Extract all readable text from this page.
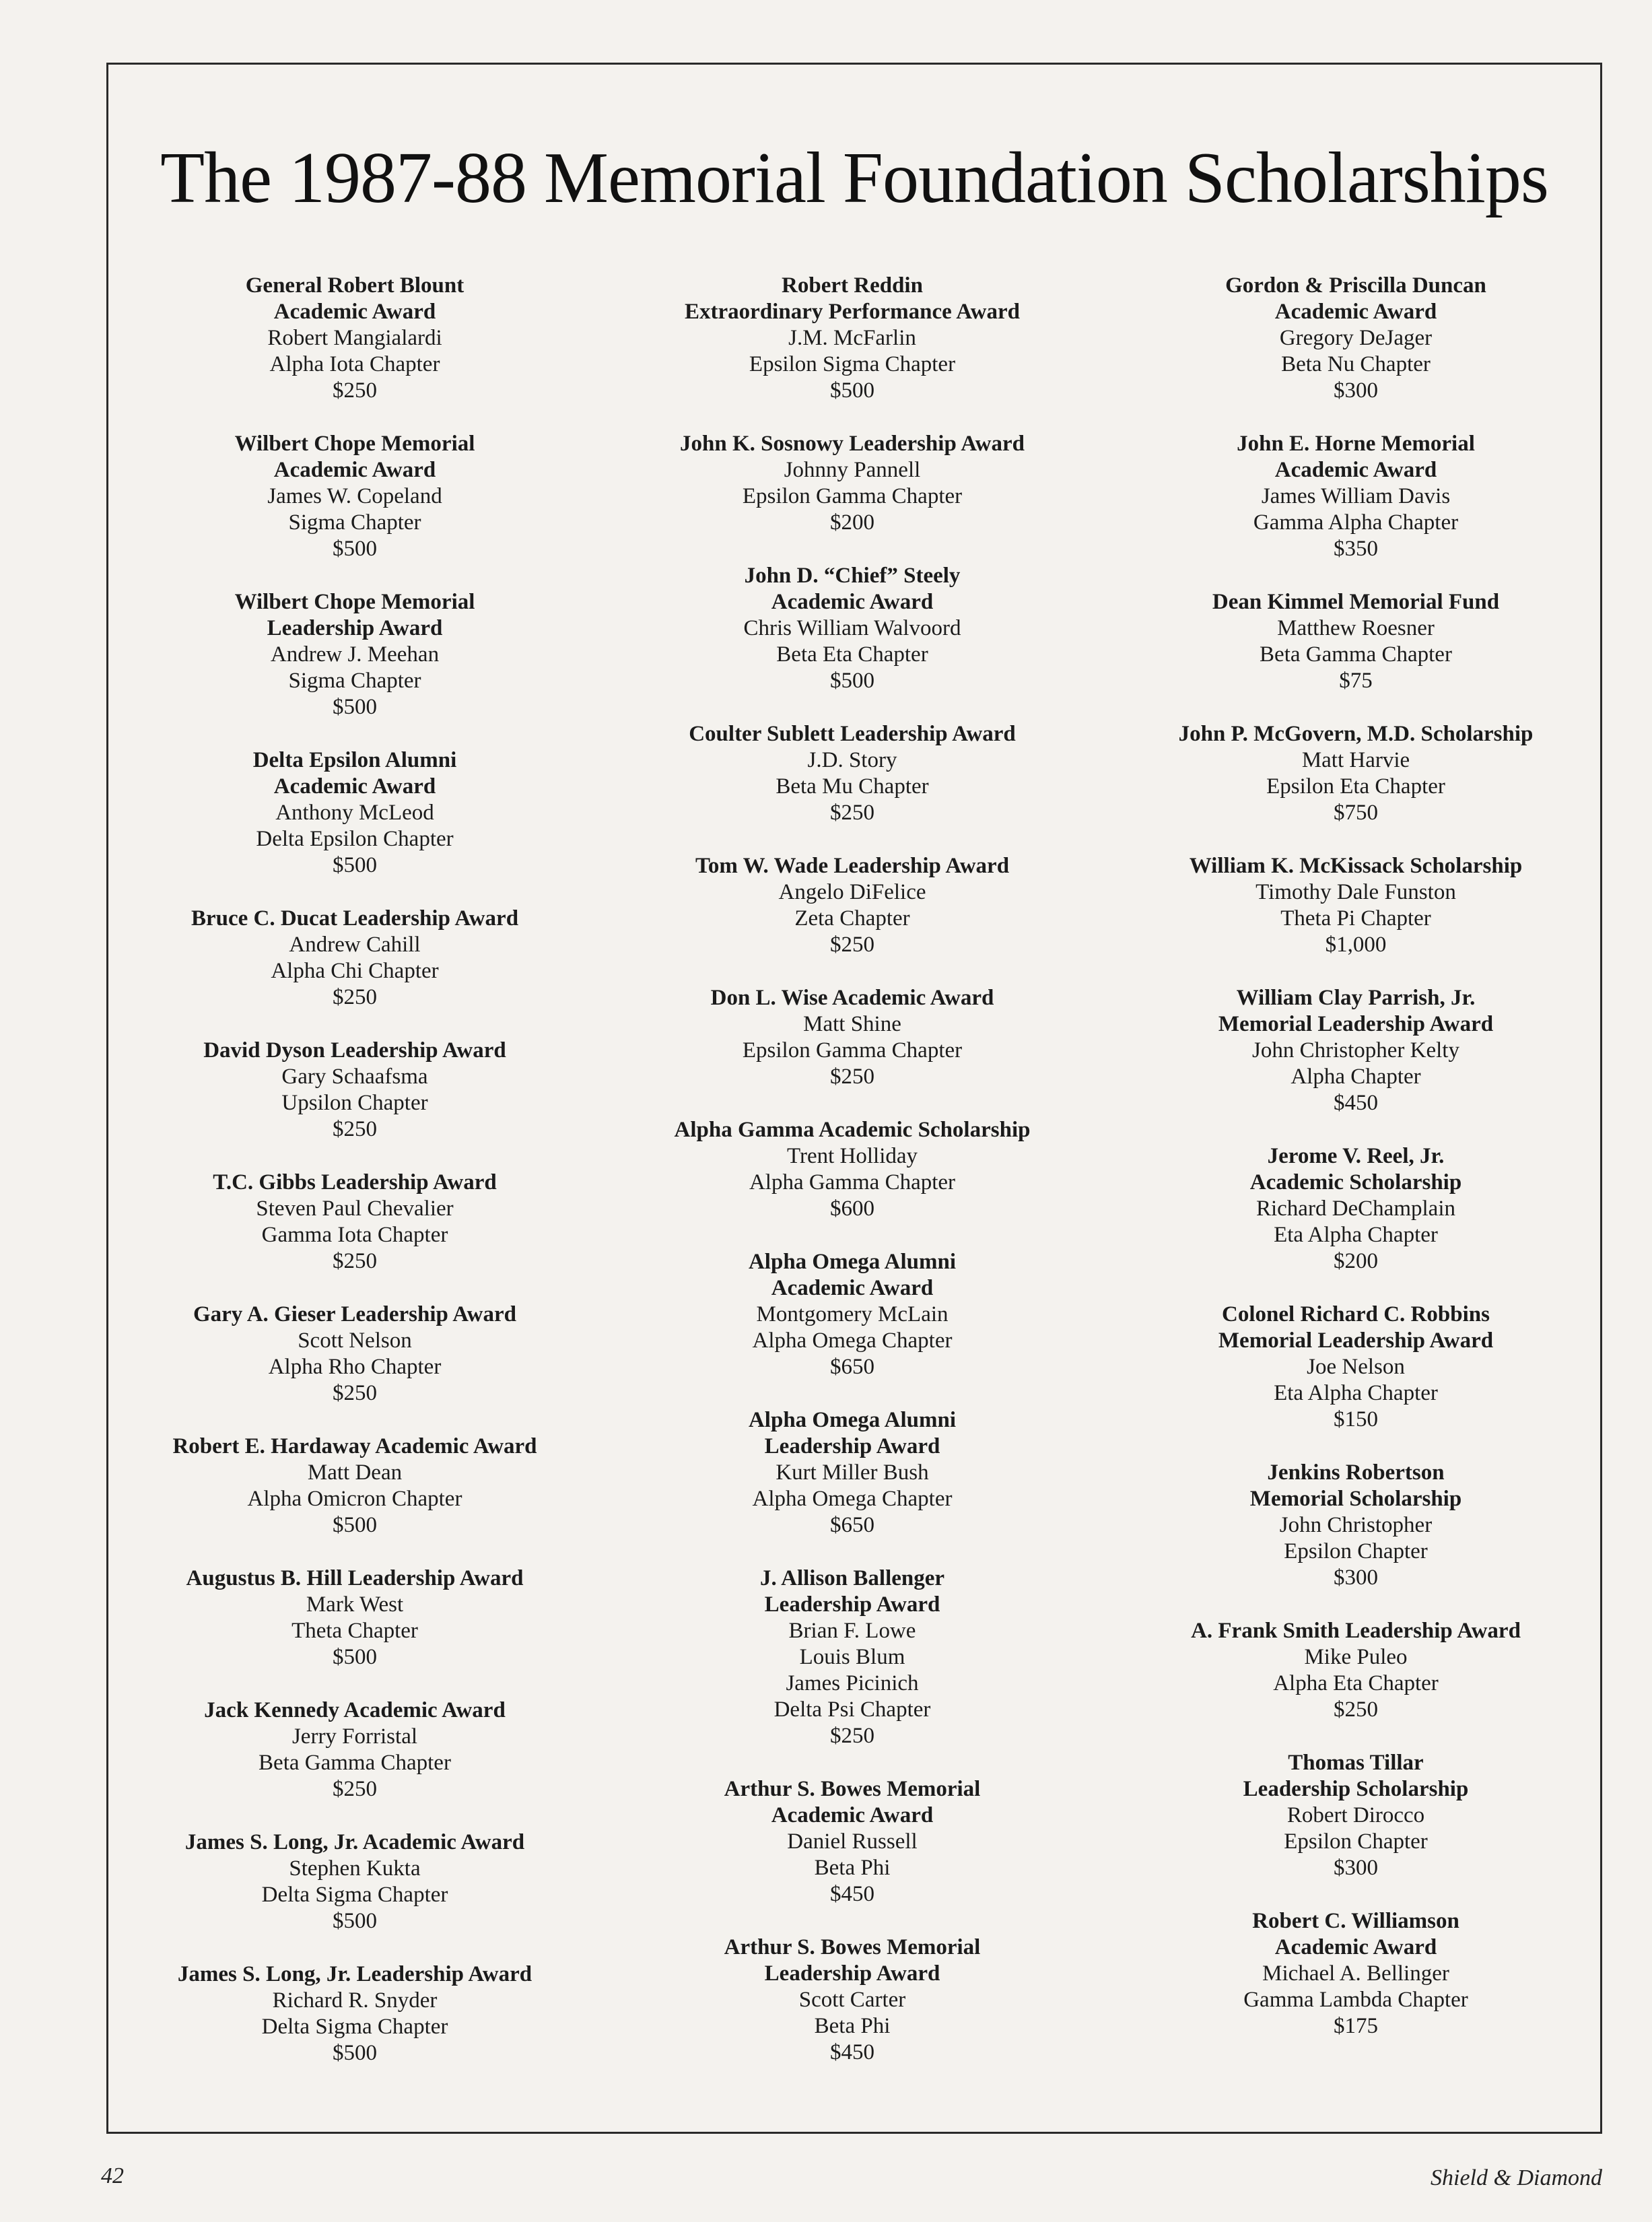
The 1987-88 Memorial Foundation Scholarships
General Robert Blount
Academic Award
Robert Mangialardi
Alpha Iota Chapter
$250
Wilbert Chope Memorial
Academic Award
James W. Copeland
Sigma Chapter
$500
Wilbert Chope Memorial
Leadership Award
Andrew J. Meehan
Sigma Chapter
$500
Delta Epsilon Alumni
Academic Award
Anthony McLeod
Delta Epsilon Chapter
$500
Bruce C. Ducat Leadership Award
Andrew Cahill
Alpha Chi Chapter
$250
David Dyson Leadership Award
Gary Schaafsma
Upsilon Chapter
$250
T.C. Gibbs Leadership Award
Steven Paul Chevalier
Gamma Iota Chapter
$250
Gary A. Gieser Leadership Award
Scott Nelson
Alpha Rho Chapter
$250
Robert E. Hardaway Academic Award
Matt Dean
Alpha Omicron Chapter
$500
Augustus B. Hill Leadership Award
Mark West
Theta Chapter
$500
Jack Kennedy Academic Award
Jerry Forristal
Beta Gamma Chapter
$250
James S. Long, Jr. Academic Award
Stephen Kukta
Delta Sigma Chapter
$500
James S. Long, Jr. Leadership Award
Richard R. Snyder
Delta Sigma Chapter
$500
Robert Reddin
Extraordinary Performance Award
J.M. McFarlin
Epsilon Sigma Chapter
$500
John K. Sosnowy Leadership Award
Johnny Pannell
Epsilon Gamma Chapter
$200
John D. “Chief” Steely
Academic Award
Chris William Walvoord
Beta Eta Chapter
$500
Coulter Sublett Leadership Award
J.D. Story
Beta Mu Chapter
$250
Tom W. Wade Leadership Award
Angelo DiFelice
Zeta Chapter
$250
Don L. Wise Academic Award
Matt Shine
Epsilon Gamma Chapter
$250
Alpha Gamma Academic Scholarship
Trent Holliday
Alpha Gamma Chapter
$600
Alpha Omega Alumni
Academic Award
Montgomery McLain
Alpha Omega Chapter
$650
Alpha Omega Alumni
Leadership Award
Kurt Miller Bush
Alpha Omega Chapter
$650
J. Allison Ballenger
Leadership Award
Brian F. Lowe
Louis Blum
James Picinich
Delta Psi Chapter
$250
Arthur S. Bowes Memorial
Academic Award
Daniel Russell
Beta Phi
$450
Arthur S. Bowes Memorial
Leadership Award
Scott Carter
Beta Phi
$450
Gordon & Priscilla Duncan
Academic Award
Gregory DeJager
Beta Nu Chapter
$300
John E. Horne Memorial
Academic Award
James William Davis
Gamma Alpha Chapter
$350
Dean Kimmel Memorial Fund
Matthew Roesner
Beta Gamma Chapter
$75
John P. McGovern, M.D. Scholarship
Matt Harvie
Epsilon Eta Chapter
$750
William K. McKissack Scholarship
Timothy Dale Funston
Theta Pi Chapter
$1,000
William Clay Parrish, Jr.
Memorial Leadership Award
John Christopher Kelty
Alpha Chapter
$450
Jerome V. Reel, Jr.
Academic Scholarship
Richard DeChamplain
Eta Alpha Chapter
$200
Colonel Richard C. Robbins
Memorial Leadership Award
Joe Nelson
Eta Alpha Chapter
$150
Jenkins Robertson
Memorial Scholarship
John Christopher
Epsilon Chapter
$300
A. Frank Smith Leadership Award
Mike Puleo
Alpha Eta Chapter
$250
Thomas Tillar
Leadership Scholarship
Robert Dirocco
Epsilon Chapter
$300
Robert C. Williamson
Academic Award
Michael A. Bellinger
Gamma Lambda Chapter
$175
42	Shield & Diamond
